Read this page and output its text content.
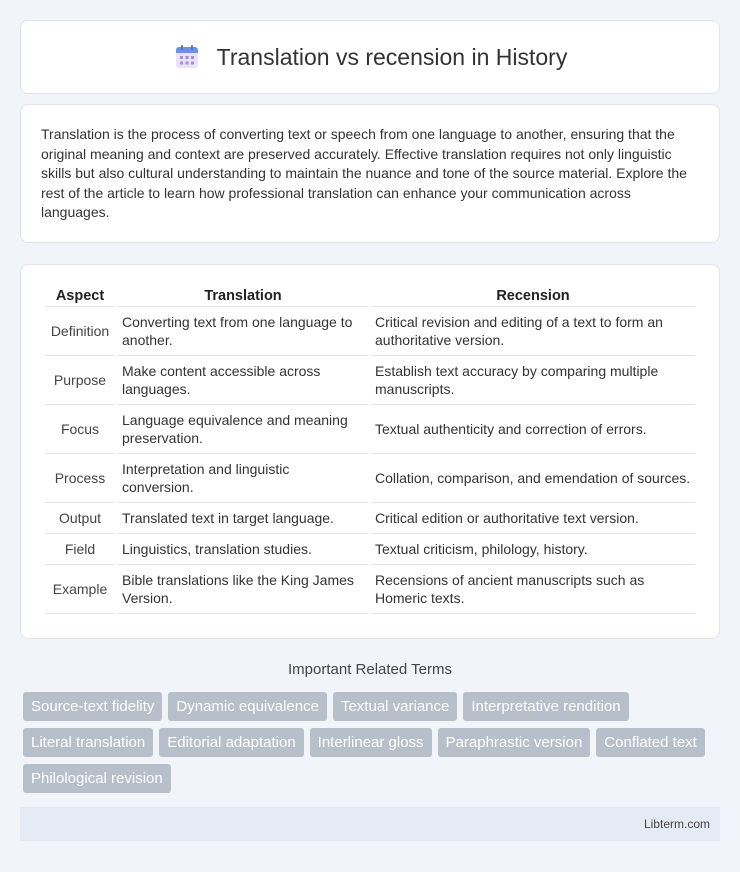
Translation vs recension in History

Translation is the process of converting text or speech from one language to another, ensuring that the original meaning and context are preserved accurately. Effective translation requires not only linguistic skills but also cultural understanding to maintain the nuance and tone of the source material. Explore the rest of the article to learn how professional translation can enhance your communication across languages.

Aspect	Translation	Recension
Definition	Converting text from one language to another.	Critical revision and editing of a text to form an authoritative version.
Purpose	Make content accessible across languages.	Establish text accuracy by comparing multiple manuscripts.
Focus	Language equivalence and meaning preservation.	Textual authenticity and correction of errors.
Process	Interpretation and linguistic conversion.	Collation, comparison, and emendation of sources.
Output	Translated text in target language.	Critical edition or authoritative text version.
Field	Linguistics, translation studies.	Textual criticism, philology, history.
Example	Bible translations like the King James Version.	Recensions of ancient manuscripts such as Homeric texts.
Important Related Terms
Source-text fidelity	Dynamic equivalence	Textual variance	Interpretative rendition
Literal translation	Editorial adaptation	Interlinear gloss	Paraphrastic version	Conflated text
Philological revision
Libterm.com
